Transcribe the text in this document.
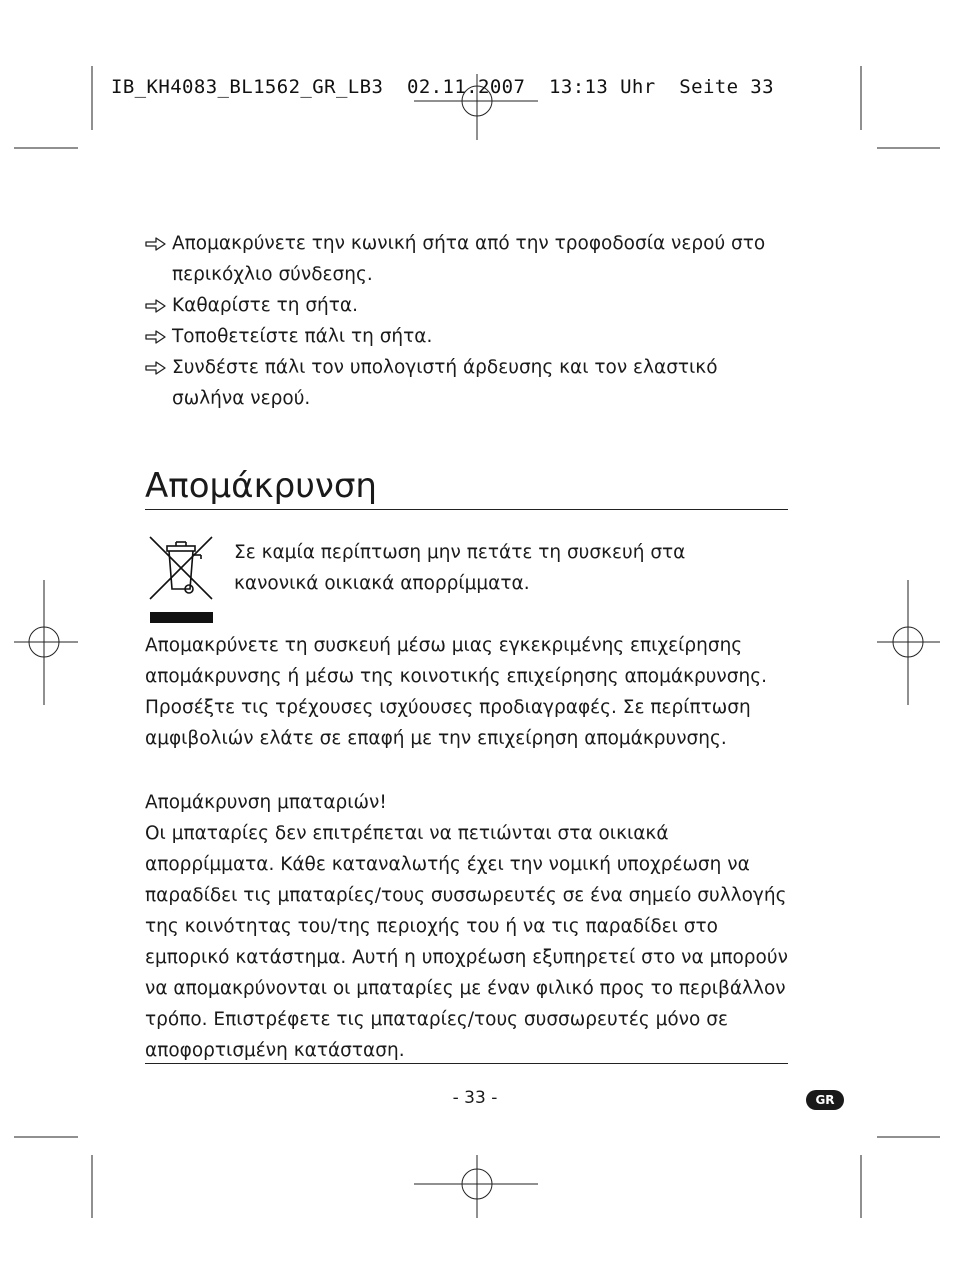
IB_KH4083_BL1562_GR_LB3  02.11.2007  13:13 Uhr  Seite 33
Απομακρύνετε την κωνική σήτα από την τροφοδοσία νερού στο περικόχλιο σύνδεσης.
Καθαρίστε τη σήτα.
Τοποθετείστε πάλι τη σήτα.
Συνδέστε πάλι τον υπολογιστή άρδευσης και τον ελαστικό σωλήνα νερού.
Απομάκρυνση
Σε καμία περίπτωση μην πετάτε τη συσκευή στα κανονικά οικιακά απορρίμματα.

Απομακρύνετε τη συσκευή μέσω μιας εγκεκριμένης επιχείρησης απομάκρυνσης ή μέσω της κοινοτικής επιχείρησης απομάκρυνσης. Προσέξτε τις τρέχουσες ισχύουσες προδιαγραφές. Σε περίπτωση αμφιβολιών ελάτε σε επαφή με την επιχείρηση απομάκρυνσης.

Απομάκρυνση μπαταριών!

Οι μπαταρίες δεν επιτρέπεται να πετιώνται στα οικιακά απορρίμματα. Κάθε καταναλωτής έχει την νομική υποχρέωση να παραδίδει τις μπαταρίες/τους συσσωρευτές σε ένα σημείο συλλογής της κοινότητας του/της περιοχής του ή να τις παραδίδει στο εμπορικό κατάστημα. Αυτή η υποχρέωση εξυπηρετεί στο να μπορούν να απομακρύνονται οι μπαταρίες με έναν φιλικό προς το περιβάλλον τρόπο. Επιστρέφετε τις μπαταρίες/τους συσσωρευτές μόνο σε αποφορτισμένη κατάσταση.

- 33 -	GR
